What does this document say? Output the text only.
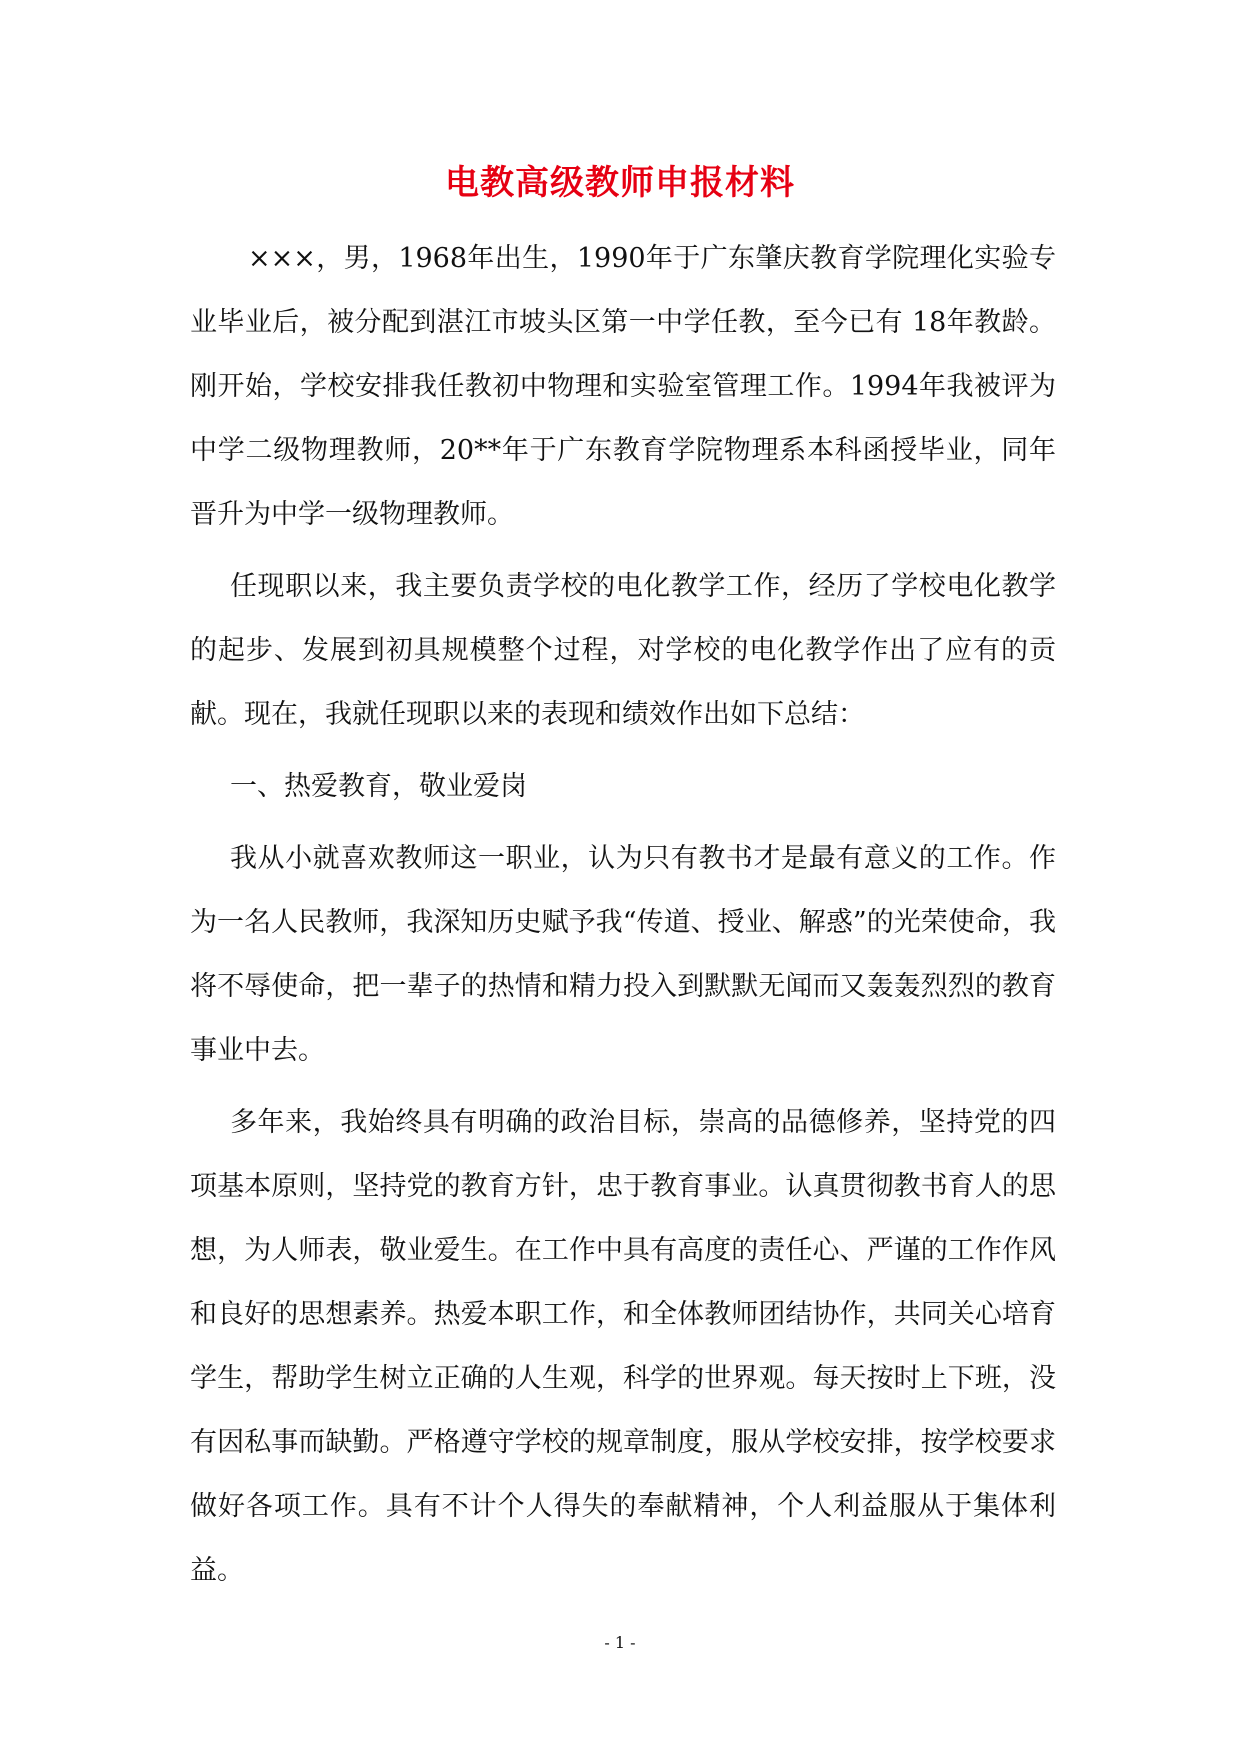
电教高级教师申报材料

×××，男，1968年出生，1990年于广东肇庆教育学院理化实验专业毕业后，被分配到湛江市坡头区第一中学任教，至今已有 18年教龄。刚开始，学校安排我任教初中物理和实验室管理工作。1994年我被评为中学二级物理教师，20**年于广东教育学院物理系本科函授毕业，同年晋升为中学一级物理教师。

任现职以来，我主要负责学校的电化教学工作，经历了学校电化教学的起步、发展到初具规模整个过程，对学校的电化教学作出了应有的贡献。现在，我就任现职以来的表现和绩效作出如下总结：

一、热爱教育，敬业爱岗

我从小就喜欢教师这一职业，认为只有教书才是最有意义的工作。作为一名人民教师，我深知历史赋予我“传道、授业、解惑”的光荣使命，我将不辱使命，把一辈子的热情和精力投入到默默无闻而又轰轰烈烈的教育事业中去。

多年来，我始终具有明确的政治目标，崇高的品德修养，坚持党的四项基本原则，坚持党的教育方针，忠于教育事业。认真贯彻教书育人的思想，为人师表，敬业爱生。在工作中具有高度的责任心、严谨的工作作风和良好的思想素养。热爱本职工作，和全体教师团结协作，共同关心培育学生，帮助学生树立正确的人生观，科学的世界观。每天按时上下班，没有因私事而缺勤。严格遵守学校的规章制度，服从学校安排，按学校要求做好各项工作。具有不计个人得失的奉献精神，个人利益服从于集体利益。

- 1 -
